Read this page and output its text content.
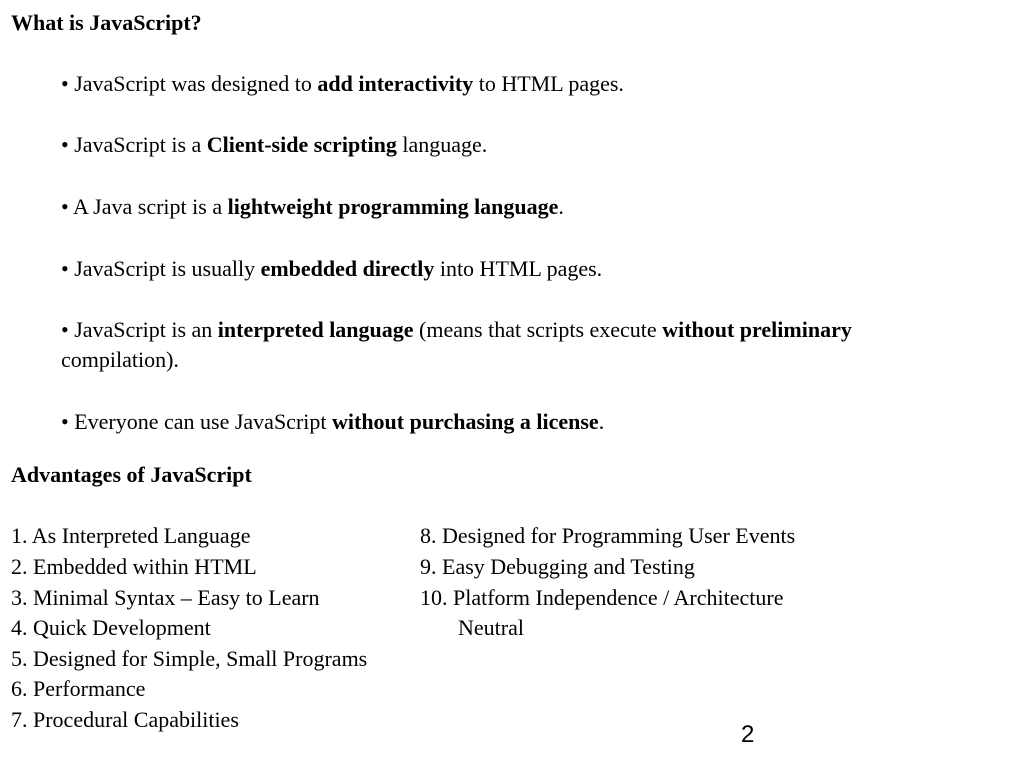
What is JavaScript?
• JavaScript was designed to add interactivity to HTML pages.
• JavaScript is a Client-side scripting language.
• A Java script is a lightweight programming language.
• JavaScript is usually embedded directly into HTML pages.
• JavaScript is an interpreted language (means that scripts execute without preliminary
compilation).
• Everyone can use JavaScript without purchasing a license.
Advantages of JavaScript
1. As Interpreted Language
2. Embedded within HTML
3. Minimal Syntax – Easy to Learn
4. Quick Development
5. Designed for Simple, Small Programs
6. Performance
7. Procedural Capabilities
8. Designed for Programming User Events
9. Easy Debugging and Testing
10. Platform Independence / Architecture
Neutral
2
